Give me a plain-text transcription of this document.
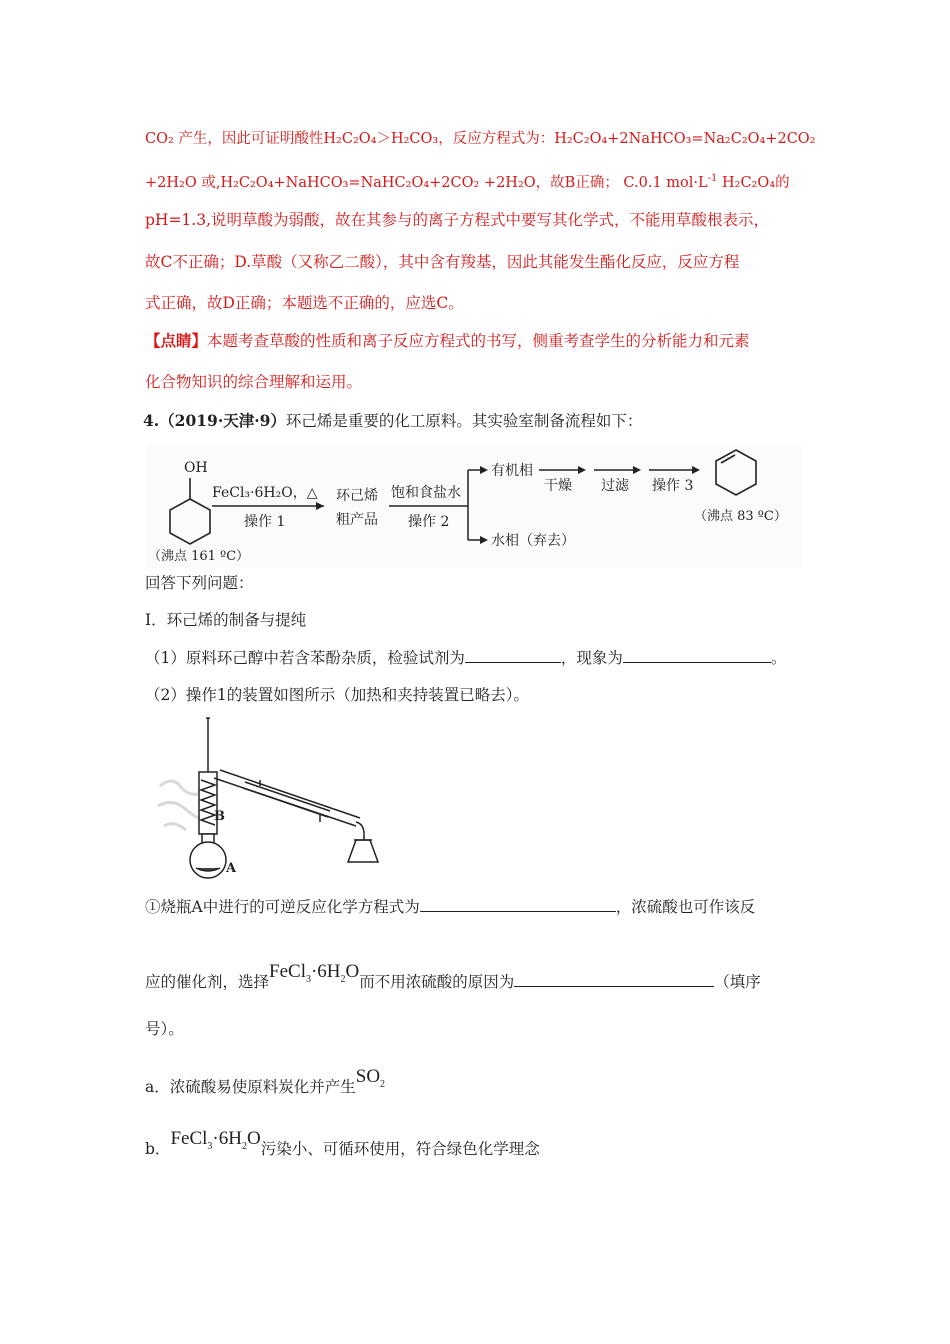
CO₂ 产生，因此可证明酸性H₂C₂O₄＞H₂CO₃，反应方程式为：H₂C₂O₄+2NaHCO₃=Na₂C₂O₄+2CO₂
+2H₂O 或,H₂C₂O₄+NaHCO₃=NaHC₂O₄+2CO₂ +2H₂O，故B正确； C.0.1 $mol\cdot L^{-1}$ H₂C₂O₄的
pH=1.3,说明草酸为弱酸，故在其参与的离子方程式中要写其化学式，不能用草酸根表示，
故C不正确；D.草酸（又称乙二酸），其中含有羧基，因此其能发生酯化反应，反应方程
式正确，故D正确；本题选不正确的，应选C。
【点睛】本题考查草酸的性质和离子反应方程式的书写，侧重考查学生的分析能力和元素
化合物知识的综合理解和运用。
4.（2019·天津·9）环己烯是重要的化工原料。其实验室制备流程如下：
OH
FeCl₃·6H₂O，△
操作 1
环己烯
粗产品
饱和食盐水
操作 2
有机相
水相（弃去）
干燥 过滤 操作 3
（沸点 83 ºC）
（沸点 161 ºC）
回答下列问题：
Ⅰ．环己烯的制备与提纯
（1）原料环己醇中若含苯酚杂质，检验试剂为	，现象为	。
（2）操作1的装置如图所示（加热和夹持装置已略去）。
B
A
①烧瓶A中进行的可逆反应化学方程式为	，浓硫酸也可作该反
应的催化剂，选择$FeCl_3\cdot 6H_2O$而不用浓硫酸的原因为	（填序
号）。
a．浓硫酸易使原料炭化并产生$SO_2$
b．$FeCl_3\cdot 6H_2O$污染小、可循环使用，符合绿色化学理念
